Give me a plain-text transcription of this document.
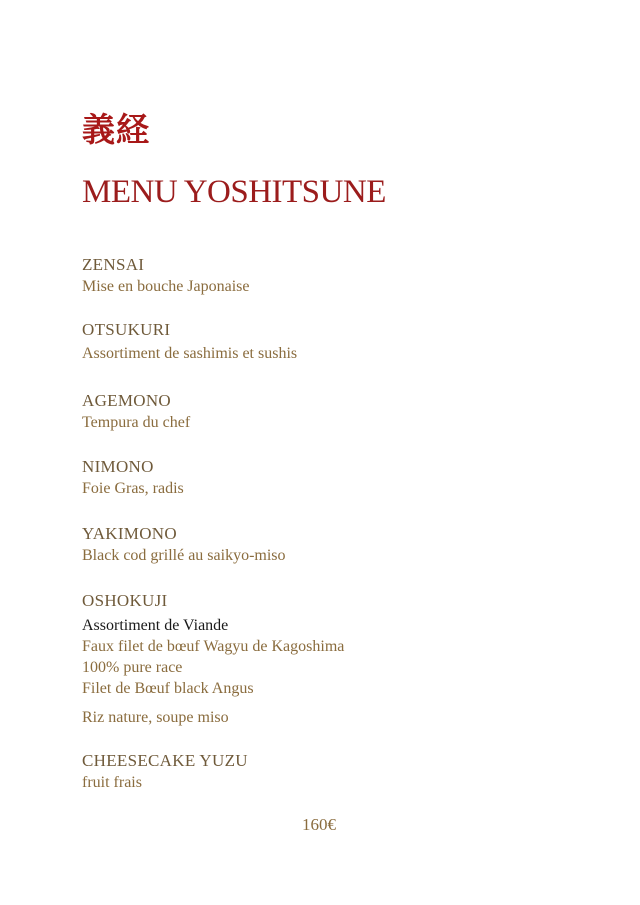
義経
MENU YOSHITSUNE
ZENSAI
Mise en bouche Japonaise
OTSUKURI
Assortiment de sashimis et sushis
AGEMONO
Tempura du chef
NIMONO
Foie Gras, radis
YAKIMONO
Black cod grillé au saikyo-miso
OSHOKUJI
Assortiment de Viande
Faux filet de bœuf Wagyu de Kagoshima
100% pure race
Filet de Bœuf black Angus
Riz nature, soupe miso
CHEESECAKE YUZU
fruit frais
160€
